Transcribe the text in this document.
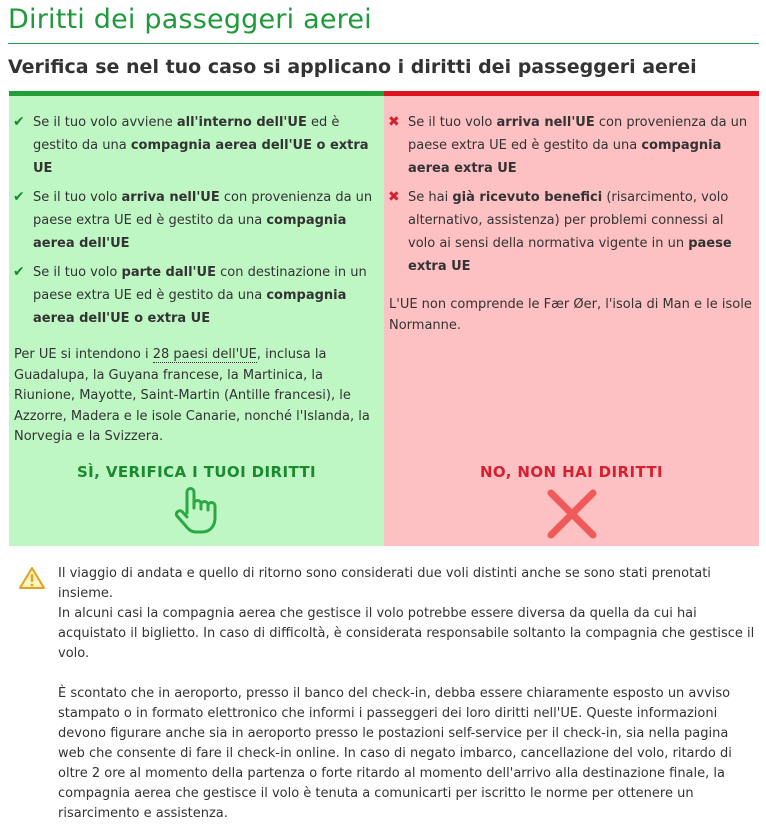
Diritti dei passeggeri aerei
Verifica se nel tuo caso si applicano i diritti dei passeggeri aerei
✔ Se il tuo volo avviene all'interno dell'UE ed è gestito da una compagnia aerea dell'UE o extra UE
✔ Se il tuo volo arriva nell'UE con provenienza da un paese extra UE ed è gestito da una compagnia aerea dell'UE
✔ Se il tuo volo parte dall'UE con destinazione in un paese extra UE ed è gestito da una compagnia aerea dell'UE o extra UE

Per UE si intendono i 28 paesi dell'UE, inclusa la Guadalupa, la Guyana francese, la Martinica, la Riunione, Mayotte, Saint-Martin (Antille francesi), le Azzorre, Madera e le isole Canarie, nonché l'Islanda, la Norvegia e la Svizzera.

SÌ, VERIFICA I TUOI DIRITTI
✖ Se il tuo volo arriva nell'UE con provenienza da un paese extra UE ed è gestito da una compagnia aerea extra UE
✖ Se hai già ricevuto benefici (risarcimento, volo alternativo, assistenza) per problemi connessi al volo ai sensi della normativa vigente in un paese extra UE

L'UE non comprende le Fær Øer, l'isola di Man e le isole Normanne.

NO, NON HAI DIRITTI

Il viaggio di andata e quello di ritorno sono considerati due voli distinti anche se sono stati prenotati insieme.

In alcuni casi la compagnia aerea che gestisce il volo potrebbe essere diversa da quella da cui hai acquistato il biglietto. In caso di difficoltà, è considerata responsabile soltanto la compagnia che gestisce il volo.

È scontato che in aeroporto, presso il banco del check-in, debba essere chiaramente esposto un avviso stampato o in formato elettronico che informi i passeggeri dei loro diritti nell'UE. Queste informazioni devono figurare anche sia in aeroporto presso le postazioni self-service per il check-in, sia nella pagina web che consente di fare il check-in online. In caso di negato imbarco, cancellazione del volo, ritardo di oltre 2 ore al momento della partenza o forte ritardo al momento dell'arrivo alla destinazione finale, la compagnia aerea che gestisce il volo è tenuta a comunicarti per iscritto le norme per ottenere un risarcimento e assistenza.
